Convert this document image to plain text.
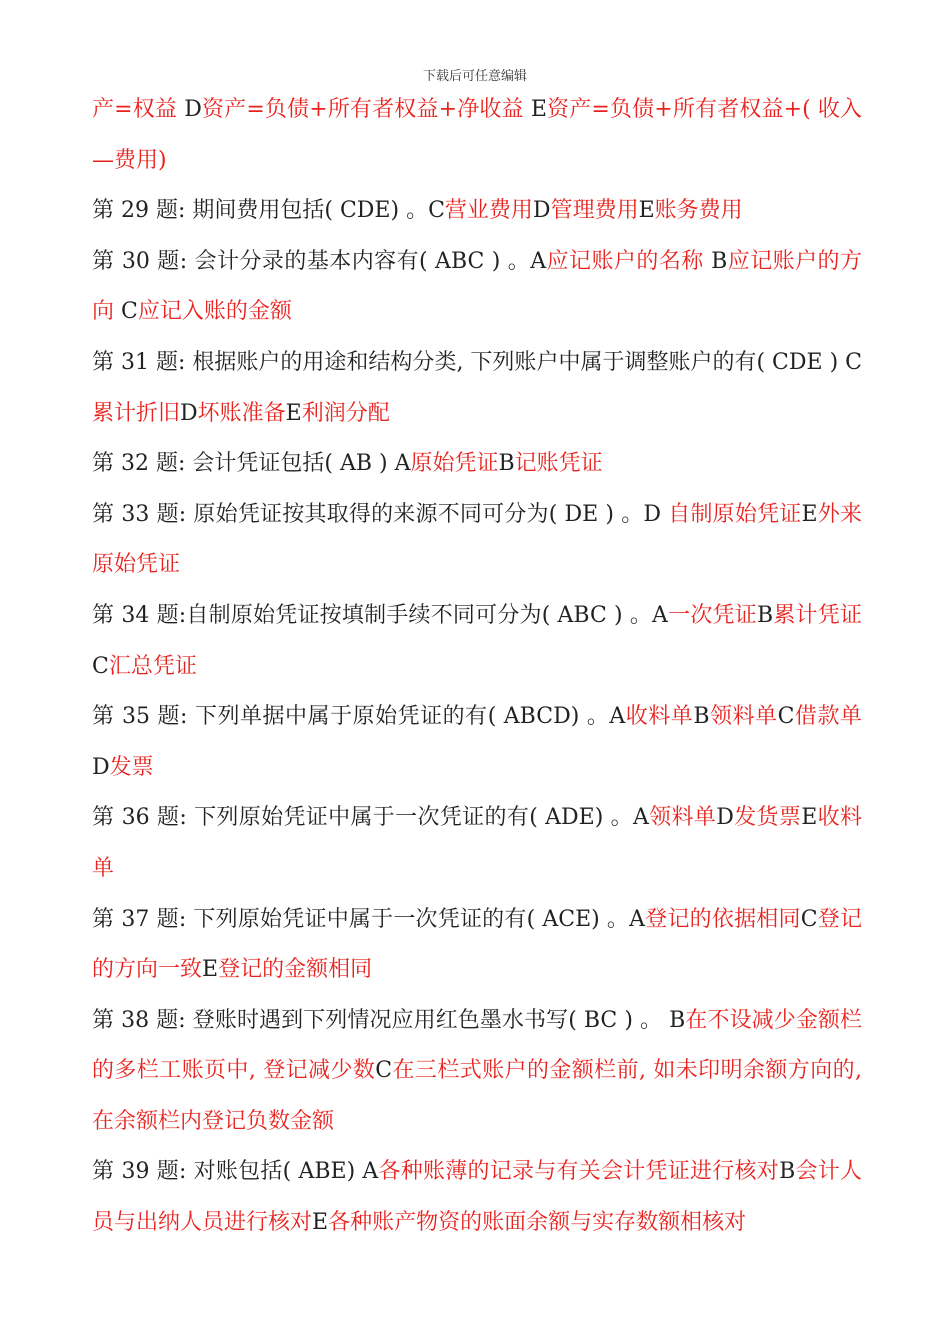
下载后可任意编辑

产=权益 D资产=负债+所有者权益+净收益 E资产=负债+所有者权益+( 收入—费用)

第 29 题: 期间费用包括( CDE) 。C营业费用D管理费用E账务费用

第 30 题: 会计分录的基本内容有( ABC ) 。A应记账户的名称 B应记账户的方向 C应记入账的金额

第 31 题: 根据账户的用途和结构分类, 下列账户中属于调整账户的有( CDE ) C累计折旧D坏账准备E利润分配

第 32 题: 会计凭证包括( AB ) A原始凭证B记账凭证

第 33 题: 原始凭证按其取得的来源不同可分为( DE ) 。D 自制原始凭证E外来原始凭证

第 34 题:自制原始凭证按填制手续不同可分为( ABC ) 。A一次凭证B累计凭证C汇总凭证

第 35 题: 下列单据中属于原始凭证的有( ABCD) 。A收料单B领料单C借款单D发票

第 36 题: 下列原始凭证中属于一次凭证的有( ADE) 。A领料单D发货票E收料单

第 37 题: 下列原始凭证中属于一次凭证的有( ACE) 。A登记的依据相同C登记的方向一致E登记的金额相同

第 38 题: 登账时遇到下列情况应用红色墨水书写( BC ) 。 B在不设减少金额栏的多栏工账页中, 登记减少数C在三栏式账户的金额栏前, 如未印明余额方向的, 在余额栏内登记负数金额

第 39 题: 对账包括( ABE) A各种账薄的记录与有关会计凭证进行核对B会计人员与出纳人员进行核对E各种账产物资的账面余额与实存数额相核对
